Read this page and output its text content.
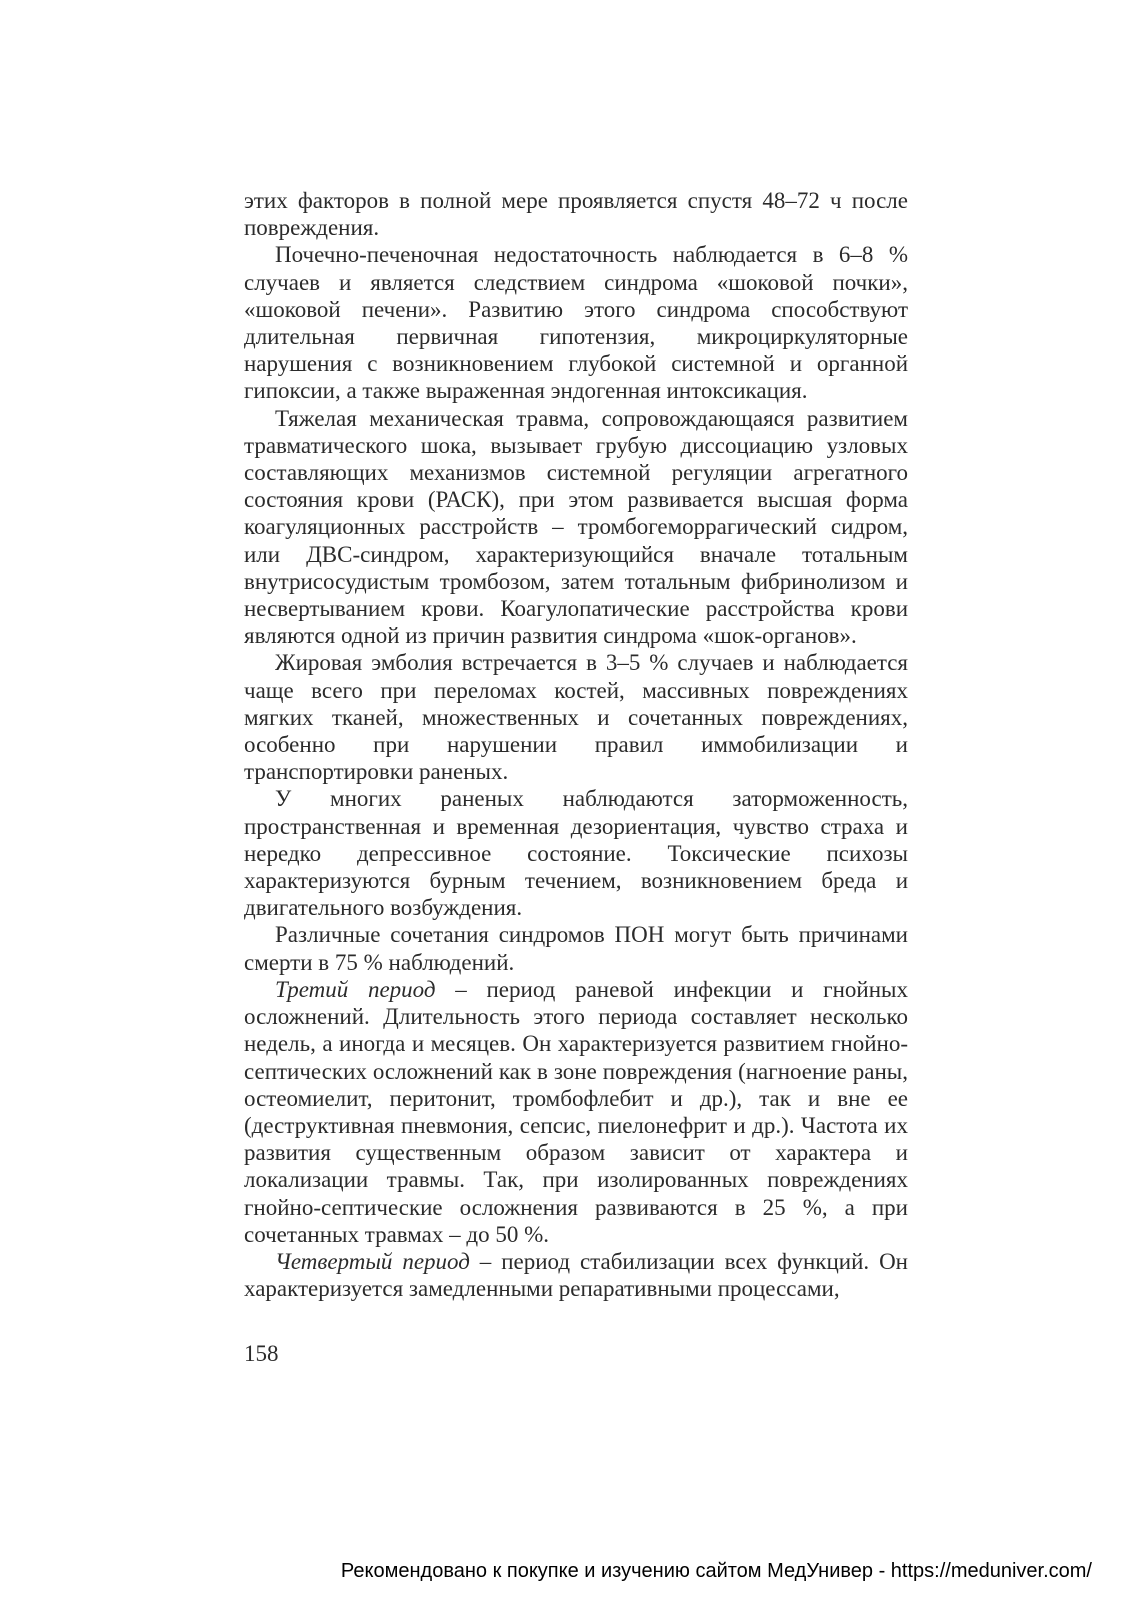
этих факторов в полной мере проявляется спустя 48–72 ч после повреждения.

Почечно-печеночная недостаточность наблюдается в 6–8 % случаев и является следствием синдрома «шоковой почки», «шоковой печени». Развитию этого синдрома способствуют длительная первичная гипотензия, микроциркуляторные нарушения с возникновением глубокой системной и органной гипоксии, а также выраженная эндогенная интоксикация.

Тяжелая механическая травма, сопровождающаяся развитием травматического шока, вызывает грубую диссоциацию узловых составляющих механизмов системной регуляции агрегатного состояния крови (РАСК), при этом развивается высшая форма коагуляционных расстройств – тромбогеморрагический сидром, или ДВС-синдром, характеризующийся вначале тотальным внутрисосудистым тромбозом, затем тотальным фибринолизом и несвертыванием крови. Коагулопатические расстройства крови являются одной из причин развития синдрома «шок-органов».

Жировая эмболия встречается в 3–5 % случаев и наблюдается чаще всего при переломах костей, массивных повреждениях мягких тканей, множественных и сочетанных повреждениях, особенно при нарушении правил иммобилизации и транспортировки раненых.

У многих раненых наблюдаются заторможенность, пространственная и временная дезориентация, чувство страха и нередко депрессивное состояние. Токсические психозы характеризуются бурным течением, возникновением бреда и двигательного возбуждения.

Различные сочетания синдромов ПОН могут быть причинами смерти в 75 % наблюдений.

Третий период – период раневой инфекции и гнойных осложнений. Длительность этого периода составляет несколько недель, а иногда и месяцев. Он характеризуется развитием гнойно-септических осложнений как в зоне повреждения (нагноение раны, остеомиелит, перитонит, тромбофлебит и др.), так и вне ее (деструктивная пневмония, сепсис, пиелонефрит и др.). Частота их развития существенным образом зависит от характера и локализации травмы. Так, при изолированных повреждениях гнойно-септические осложнения развиваются в 25 %, а при сочетанных травмах – до 50 %.

Четвертый период – период стабилизации всех функций. Он характеризуется замедленными репаративными процессами,

158
Рекомендовано к покупке и изучению сайтом МедУнивер - https://meduniver.com/
